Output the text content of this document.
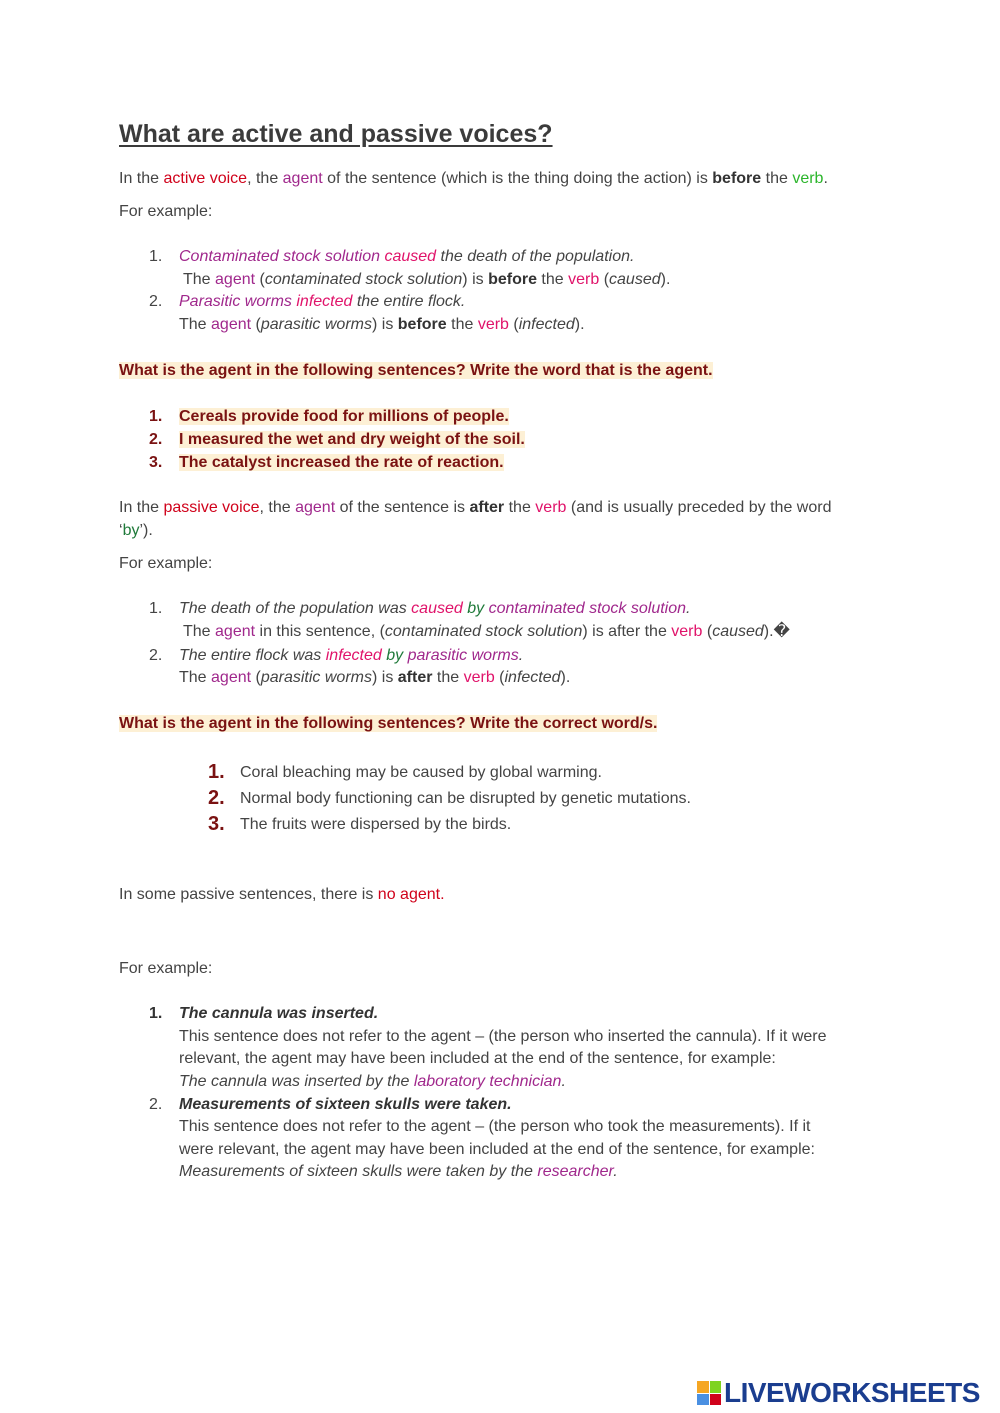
What are active and passive voices?
In the active voice, the agent of the sentence (which is the thing doing the action) is before the verb.
For example:
1. Contaminated stock solution caused the death of the population.
The agent (contaminated stock solution) is before the verb (caused).
2. Parasitic worms infected the entire flock.
The agent (parasitic worms) is before the verb (infected).
What is the agent in the following sentences? Write the word that is the agent.
1. Cereals provide food for millions of people.
2. I measured the wet and dry weight of the soil.
3. The catalyst increased the rate of reaction.
In the passive voice, the agent of the sentence is after the verb (and is usually preceded by the word
‘by’).
For example:
1. The death of the population was caused by contaminated stock solution.
The agent in this sentence, (contaminated stock solution) is after the verb (caused).�
2. The entire flock was infected by parasitic worms.
The agent (parasitic worms) is after the verb (infected).
What is the agent in the following sentences? Write the correct word/s.
1. Coral bleaching may be caused by global warming.
2. Normal body functioning can be disrupted by genetic mutations.
3. The fruits were dispersed by the birds.
In some passive sentences, there is no agent.
For example:
1. The cannula was inserted.
This sentence does not refer to the agent – (the person who inserted the cannula). If it were
relevant, the agent may have been included at the end of the sentence, for example:
The cannula was inserted by the laboratory technician.
2. Measurements of sixteen skulls were taken.
This sentence does not refer to the agent – (the person who took the measurements). If it
were relevant, the agent may have been included at the end of the sentence, for example:
Measurements of sixteen skulls were taken by the researcher.
LIVEWORKSHEETS
